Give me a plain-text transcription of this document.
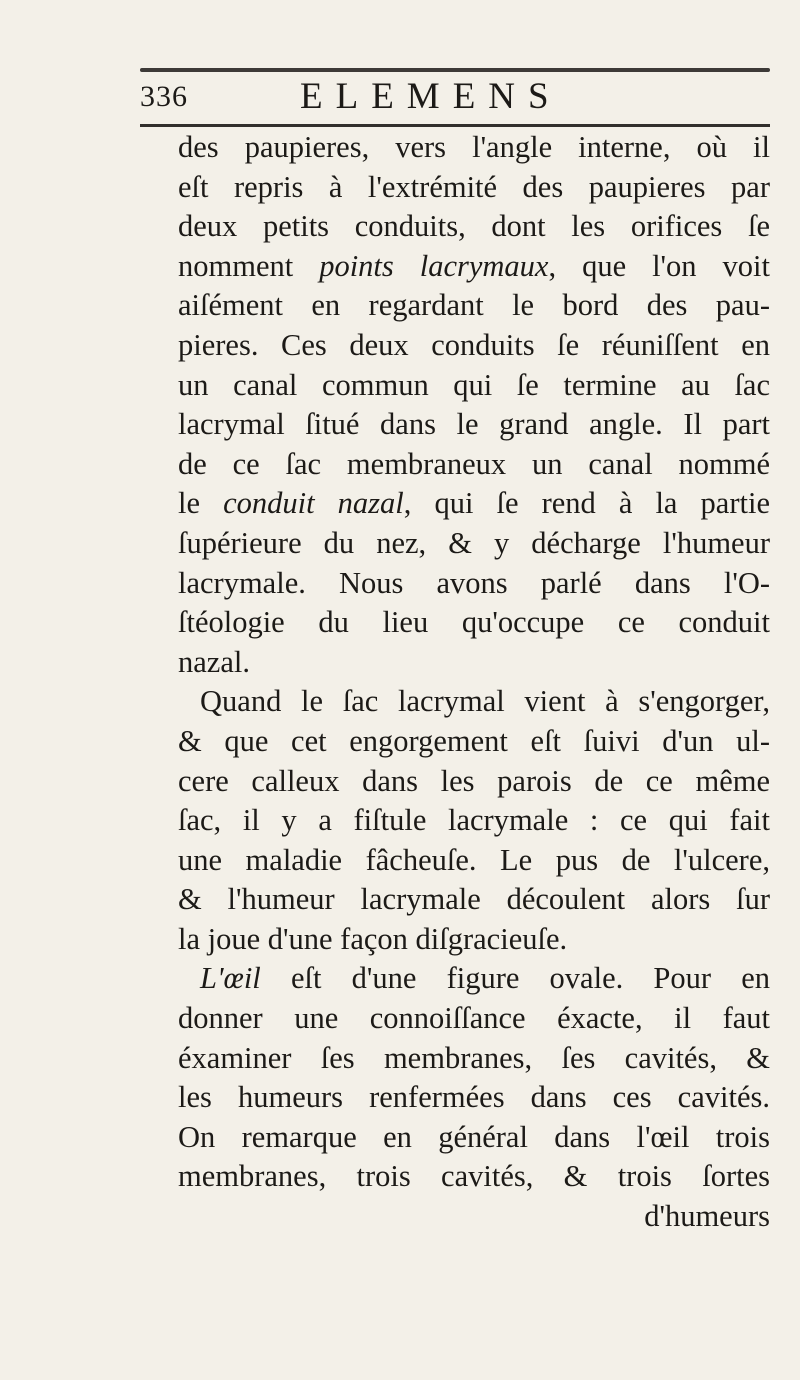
336	ELEMENS
des paupieres, vers l'angle interne, où il
eſt repris à l'extrémité des paupieres par
deux petits conduits, dont les orifices ſe
nomment points lacrymaux, que l'on voit
aiſément en regardant le bord des pau-
pieres. Ces deux conduits ſe réuniſſent en
un canal commun qui ſe termine au ſac
lacrymal ſitué dans le grand angle. Il part
de ce ſac membraneux un canal nommé
le conduit nazal, qui ſe rend à la partie
ſupérieure du nez, & y décharge l'humeur
lacrymale. Nous avons parlé dans l'O-
ſtéologie du lieu qu'occupe ce conduit
nazal.
Quand le ſac lacrymal vient à s'engorger,
& que cet engorgement eſt ſuivi d'un ul-
cere calleux dans les parois de ce même
ſac, il y a fiſtule lacrymale : ce qui fait
une maladie fâcheuſe. Le pus de l'ulcere,
& l'humeur lacrymale découlent alors ſur
la joue d'une façon diſgracieuſe.
L'œil eſt d'une figure ovale. Pour en
donner une connoiſſance éxacte, il faut
éxaminer ſes membranes, ſes cavités, &
les humeurs renfermées dans ces cavités.
On remarque en général dans l'œil trois
membranes, trois cavités, & trois ſortes
d'humeurs
